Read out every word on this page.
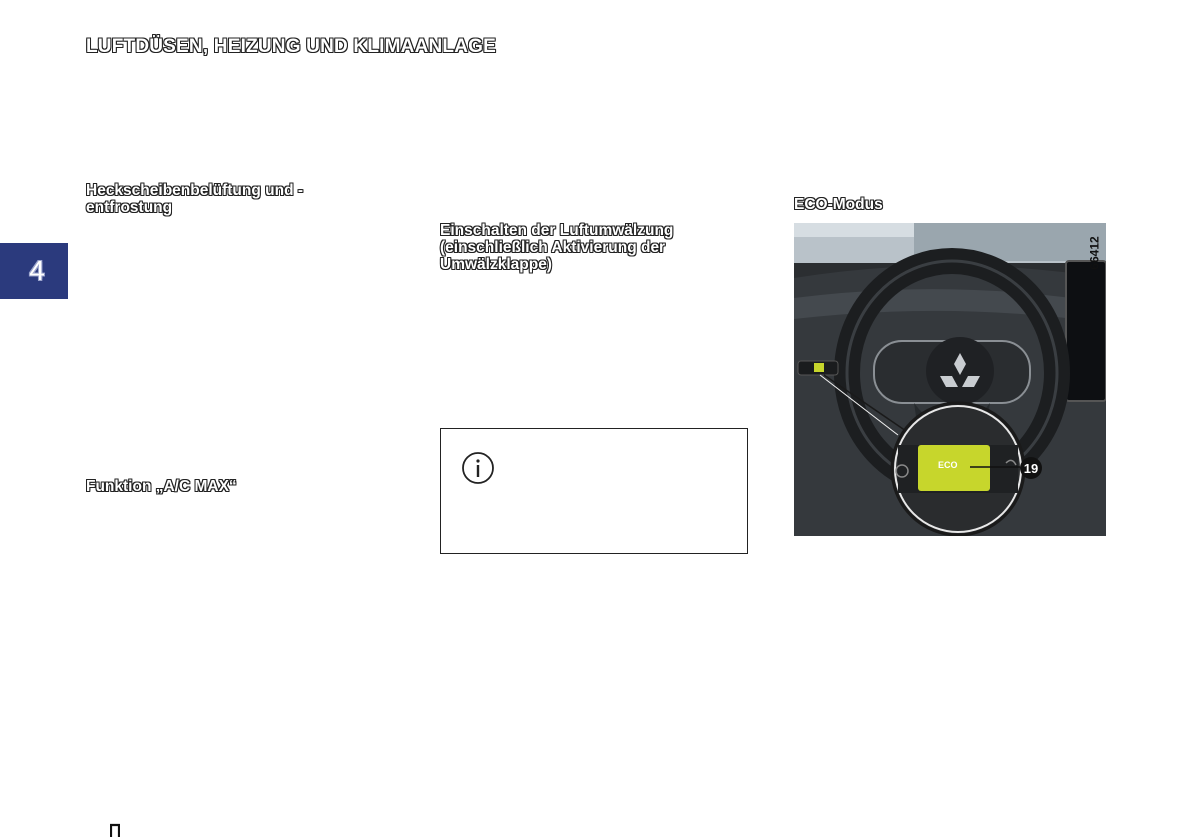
LUFTDÜSEN, HEIZUNG UND KLIMAANLAGE
4
Heckscheibenbelüftung und -entfrostung
Funktion „A/C MAX“
Einschalten der Luftumwälzung (einschließlich Aktivierung der Umwälzklappe)
ECO-Modus
ECO	19
66412
